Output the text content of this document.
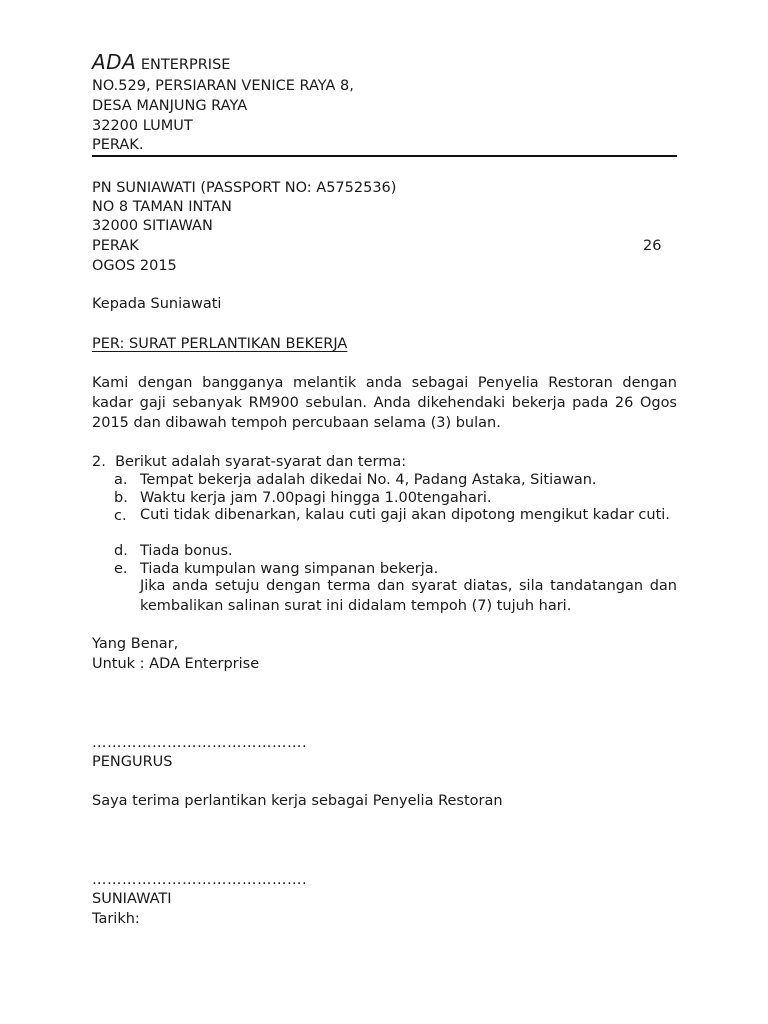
ADA ENTERPRISE
NO.529, PERSIARAN VENICE RAYA 8,
DESA MANJUNG RAYA
32200 LUMUT
PERAK.
PN SUNIAWATI (PASSPORT NO: A5752536)
NO 8 TAMAN INTAN
32000 SITIAWAN
PERAK	26
OGOS 2015
Kepada Suniawati
PER: SURAT PERLANTIKAN BEKERJA
Kami dengan bangganya melantik anda sebagai Penyelia Restoran dengan kadar gaji sebanyak RM900 sebulan. Anda dikehendaki bekerja pada 26 Ogos 2015 dan dibawah tempoh percubaan selama (3) bulan.
2. Berikut adalah syarat-syarat dan terma:
a. Tempat bekerja adalah dikedai No. 4, Padang Astaka, Sitiawan.
b. Waktu kerja jam 7.00pagi hingga 1.00tengahari.
c. Cuti tidak dibenarkan, kalau cuti gaji akan dipotong mengikut kadar cuti.
d. Tiada bonus.
e. Tiada kumpulan wang simpanan bekerja.
Jika anda setuju dengan terma dan syarat diatas, sila tandatangan dan kembalikan salinan surat ini didalam tempoh (7) tujuh hari.
Yang Benar,
Untuk : ADA Enterprise
…………………………………….
PENGURUS
Saya terima perlantikan kerja sebagai Penyelia Restoran
…………………………………….
SUNIAWATI
Tarikh:
